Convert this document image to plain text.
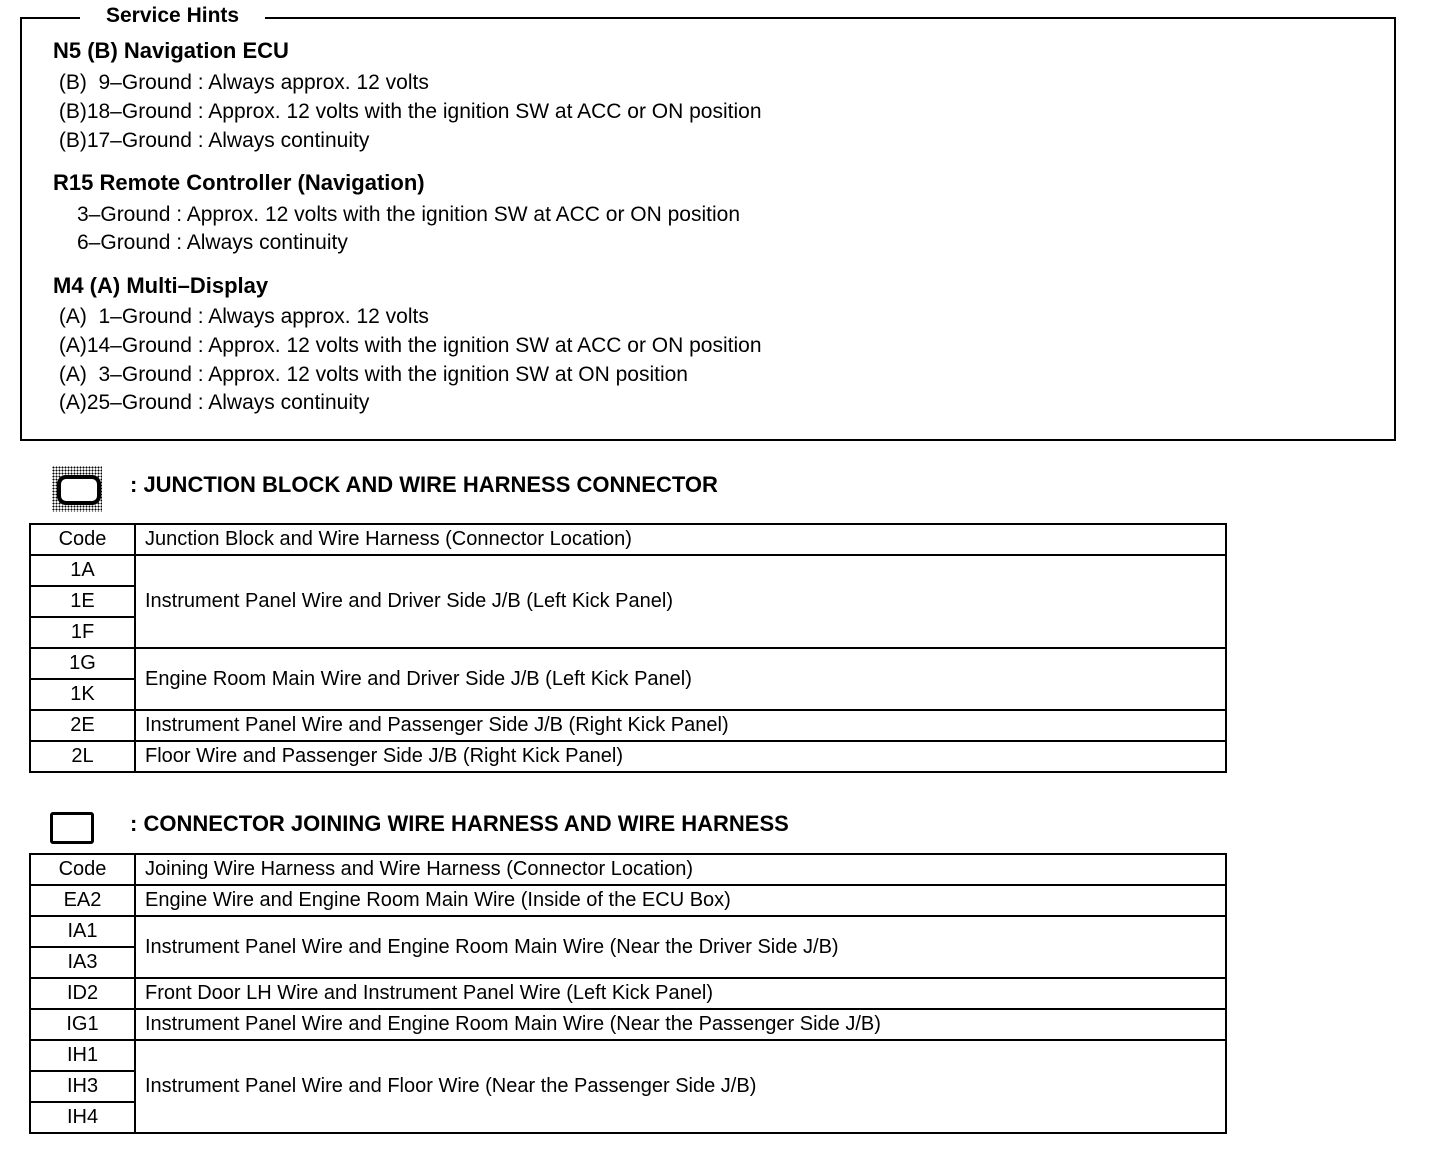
Service Hints
N5 (B) Navigation ECU
(B)  9–Ground : Always approx. 12 volts
(B)18–Ground : Approx. 12 volts with the ignition SW at ACC or ON position
(B)17–Ground : Always continuity
R15 Remote Controller (Navigation)
3–Ground : Approx. 12 volts with the ignition SW at ACC or ON position
6–Ground : Always continuity
M4 (A) Multi–Display
(A)  1–Ground : Always approx. 12 volts
(A)14–Ground : Approx. 12 volts with the ignition SW at ACC or ON position
(A)  3–Ground : Approx. 12 volts with the ignition SW at ON position
(A)25–Ground : Always continuity
: JUNCTION BLOCK AND WIRE HARNESS CONNECTOR
Code	Junction Block and Wire Harness (Connector Location)
1A	Instrument Panel Wire and Driver Side J/B (Left Kick Panel)
1E	
1F	
1G	Engine Room Main Wire and Driver Side J/B (Left Kick Panel)
1K	
2E	Instrument Panel Wire and Passenger Side J/B (Right Kick Panel)
2L	Floor Wire and Passenger Side J/B (Right Kick Panel)
: CONNECTOR JOINING WIRE HARNESS AND WIRE HARNESS
Code	Joining Wire Harness and Wire Harness (Connector Location)
EA2	Engine Wire and Engine Room Main Wire (Inside of the ECU Box)
IA1	Instrument Panel Wire and Engine Room Main Wire (Near the Driver Side J/B)
IA3	
ID2	Front Door LH Wire and Instrument Panel Wire (Left Kick Panel)
IG1	Instrument Panel Wire and Engine Room Main Wire (Near the Passenger Side J/B)
IH1	Instrument Panel Wire and Floor Wire (Near the Passenger Side J/B)
IH3	
IH4	
